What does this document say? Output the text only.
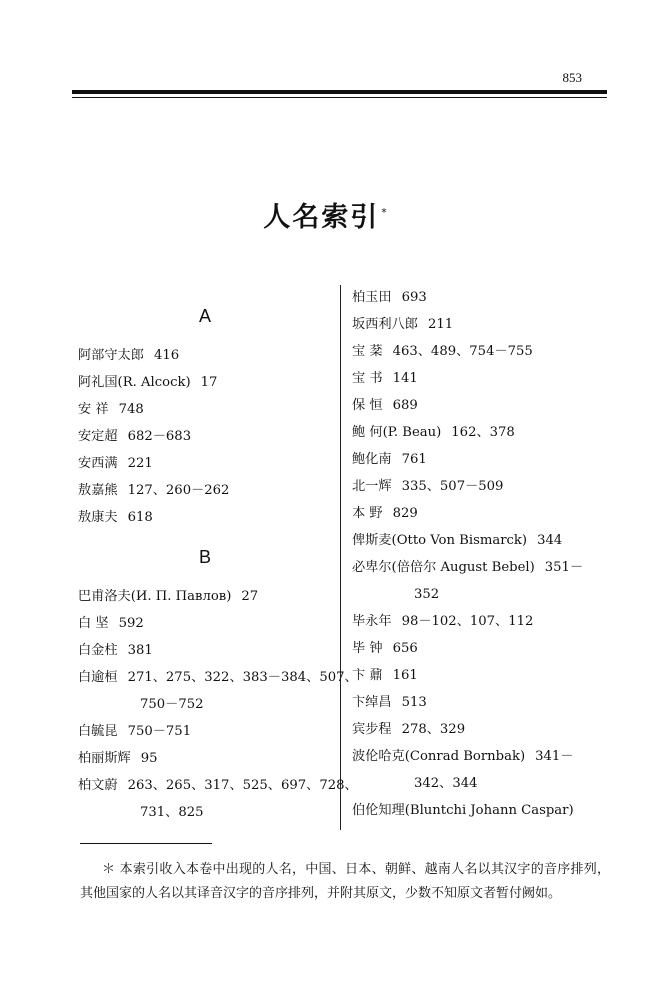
853
人名索引 *
A
阿部守太郎 416
阿礼国(R. Alcock) 17
安 祥 748
安定超 682－683
安西满 221
敖嘉熊 127、260－262
敖康夫 618
B
巴甫洛夫(И. П. Павлов) 27
白 坚 592
白金柱 381
白逾桓 271、275、322、383－384、507、
750－752
白毓昆 750－751
柏丽斯辉 95
柏文蔚 263、265、317、525、697、728、
731、825
柏玉田 693
坂西利八郎 211
宝 棻 463、489、754－755
宝 书 141
保 恒 689
鲍 何(P. Beau) 162、378
鲍化南 761
北一辉 335、507－509
本 野 829
俾斯麦(Otto Von Bismarck) 344
必卑尔(倍倍尔 August Bebel) 351－
352
毕永年 98－102、107、112
毕 钟 656
卞 鼐 161
卞绰昌 513
宾步程 278、329
波伦哈克(Conrad Bornbak) 341－
342、344
伯伦知理(Bluntchi Johann Caspar)
＊ 本索引收入本卷中出现的人名，中国、日本、朝鲜、越南人名以其汉字的音序排列，其他国家的人名以其译音汉字的音序排列，并附其原文，少数不知原文者暂付阙如。
